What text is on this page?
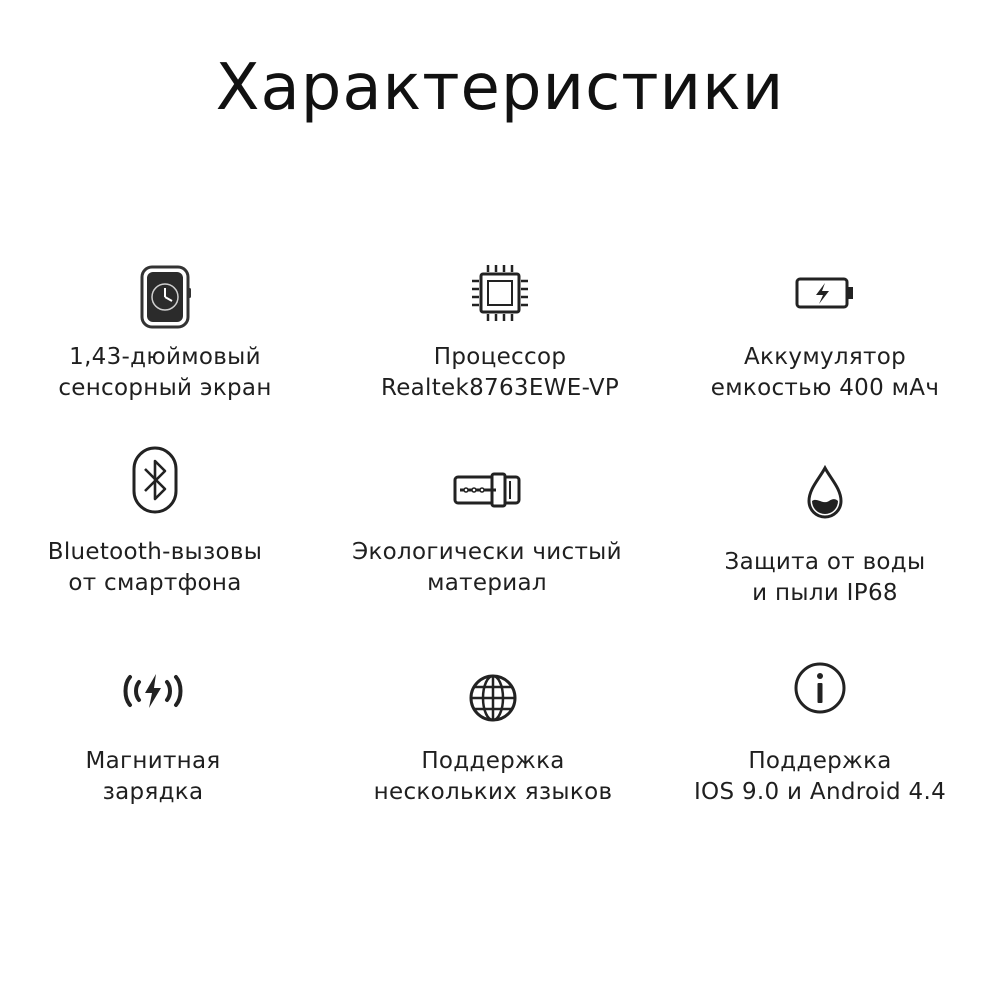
Характеристики
1,43-дюймовый
сенсорный экран
Процессор
Realtek8763EWE-VP
Аккумулятор
емкостью 400 мАч
Bluetooth-вызовы
от смартфона
Экологически чистый
материал
Защита от воды
и пыли IP68
Магнитная
зарядка
Поддержка
нескольких языков
Поддержка
IOS 9.0 и Android 4.4
